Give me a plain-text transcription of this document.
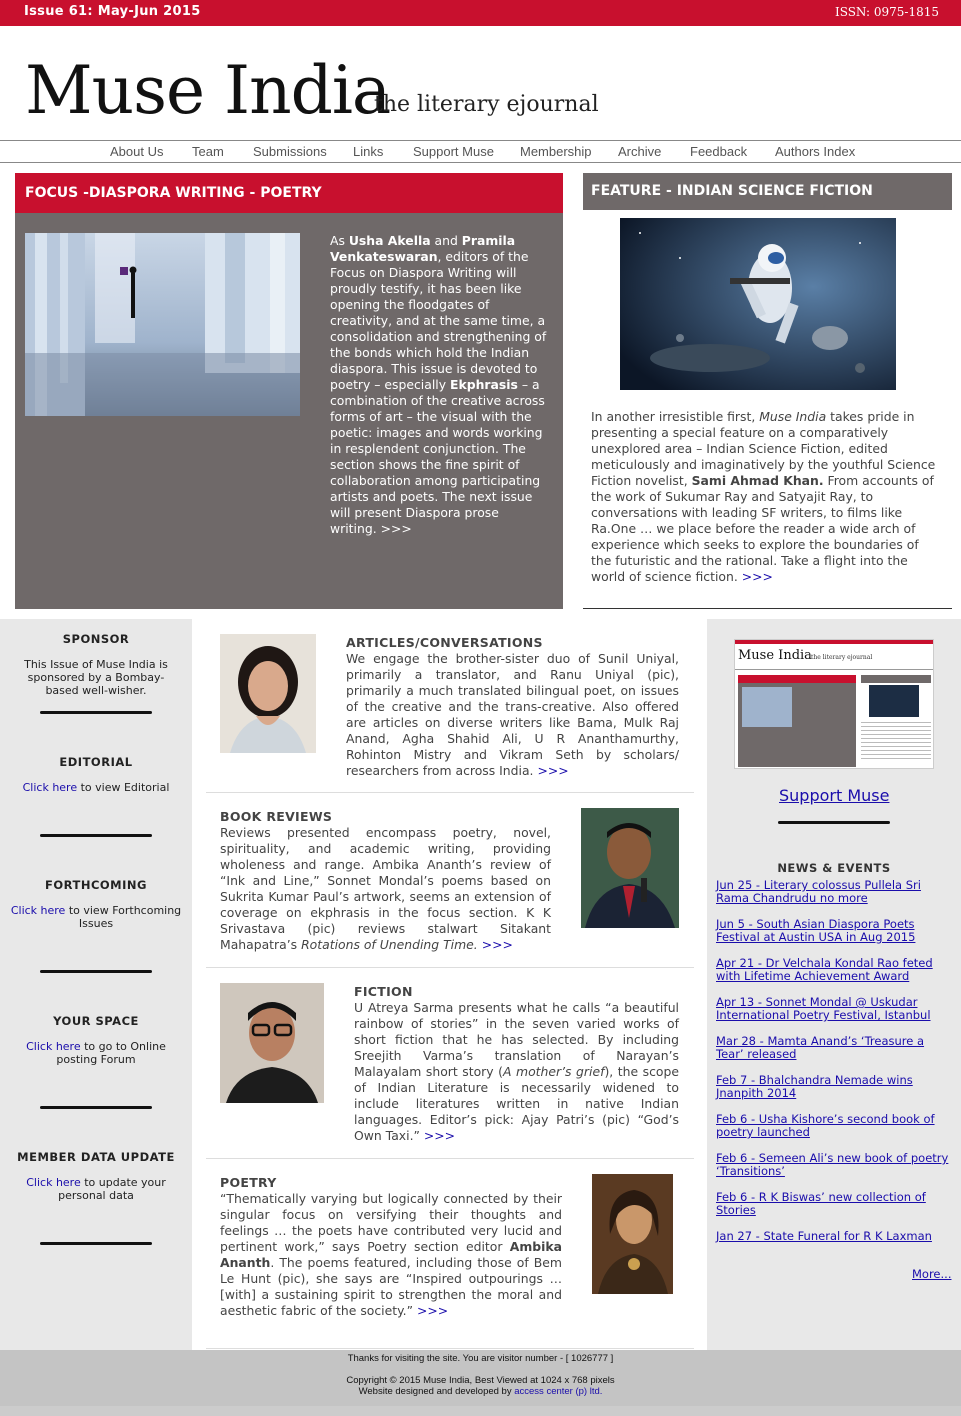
Issue 61: May-Jun 2015	ISSN: 0975-1815
Muse India
the literary ejournal
About Us Team Submissions Links Support Muse Membership Archive Feedback Authors Index
FOCUS -DIASPORA WRITING - POETRY
As Usha Akella and Pramila Venkateswaran, editors of the Focus on Diaspora Writing will proudly testify, it has been like opening the floodgates of creativity, and at the same time, a consolidation and strengthening of the bonds which hold the Indian diaspora. This issue is devoted to poetry – especially Ekphrasis – a combination of the creative across forms of art – the visual with the poetic: images and words working in resplendent conjunction. The section shows the fine spirit of collaboration among participating artists and poets. The next issue will present Diaspora prose writing. >>>
FEATURE - INDIAN SCIENCE FICTION
In another irresistible first, Muse India takes pride in presenting a special feature on a comparatively unexplored area – Indian Science Fiction, edited meticulously and imaginatively by the youthful Science Fiction novelist, Sami Ahmad Khan. From accounts of the work of Sukumar Ray and Satyajit Ray, to conversations with leading SF writers, to films like Ra.One … we place before the reader a wide arch of experience which seeks to explore the boundaries of the futuristic and the rational. Take a flight into the world of science fiction. >>>
SPONSOR
This Issue of Muse India is sponsored by a Bombay-based well-wisher.
EDITORIAL
Click here to view Editorial
FORTHCOMING
Click here to view Forthcoming Issues
YOUR SPACE
Click here to go to Online posting Forum
MEMBER DATA UPDATE
Click here to update your personal data
ARTICLES/CONVERSATIONS
We engage the brother-sister duo of Sunil Uniyal, primarily a translator, and Ranu Uniyal (pic), primarily a much translated bilingual poet, on issues of the creative and the trans-creative. Also offered are articles on diverse writers like Bama, Mulk Raj Anand, Agha Shahid Ali, U R Ananthamurthy, Rohinton Mistry and Vikram Seth by scholars/ researchers from across India. >>>
BOOK REVIEWS
Reviews presented encompass poetry, novel, spirituality, and academic writing, providing wholeness and range. Ambika Ananth’s review of “Ink and Line,” Sonnet Mondal’s poems based on Sukrita Kumar Paul’s artwork, seems an extension of coverage on ekphrasis in the focus section. K K Srivastava (pic) reviews stalwart Sitakant Mahapatra’s Rotations of Unending Time. >>>
FICTION
U Atreya Sarma presents what he calls “a beautiful rainbow of stories” in the seven varied works of short fiction that he has selected. By including Sreejith Varma’s translation of Narayan’s Malayalam short story (A mother’s grief), the scope of Indian Literature is necessarily widened to include literatures written in native Indian languages. Editor’s pick: Ajay Patri’s (pic) “God’s Own Taxi.” >>>
POETRY
“Thematically varying but logically connected by their singular focus on versifying their thoughts and feelings … the poets have contributed very lucid and pertinent work,” says Poetry section editor Ambika Ananth. The poems featured, including those of Bem Le Hunt (pic), she says are “Inspired outpourings … [with] a sustaining spirit to strengthen the moral and aesthetic fabric of the society.” >>>
Muse India the literary ejournal
Support Muse
NEWS & EVENTS
Jun 25 - Literary colossus Pullela Sri Rama Chandrudu no more
Jun 5 - South Asian Diaspora Poets Festival at Austin USA in Aug 2015
Apr 21 - Dr Velchala Kondal Rao feted with Lifetime Achievement Award
Apr 13 - Sonnet Mondal @ Uskudar International Poetry Festival, Istanbul
Mar 28 - Mamta Anand’s ‘Treasure a Tear’ released
Feb 7 - Bhalchandra Nemade wins Jnanpith 2014
Feb 6 - Usha Kishore’s second book of poetry launched
Feb 6 - Semeen Ali’s new book of poetry ‘Transitions’
Feb 6 - R K Biswas’ new collection of Stories
Jan 27 - State Funeral for R K Laxman
More...
Thanks for visiting the site. You are visitor number - [ 1026777 ]
Copyright © 2015 Muse India, Best Viewed at 1024 x 768 pixels
Website designed and developed by access center (p) ltd.
